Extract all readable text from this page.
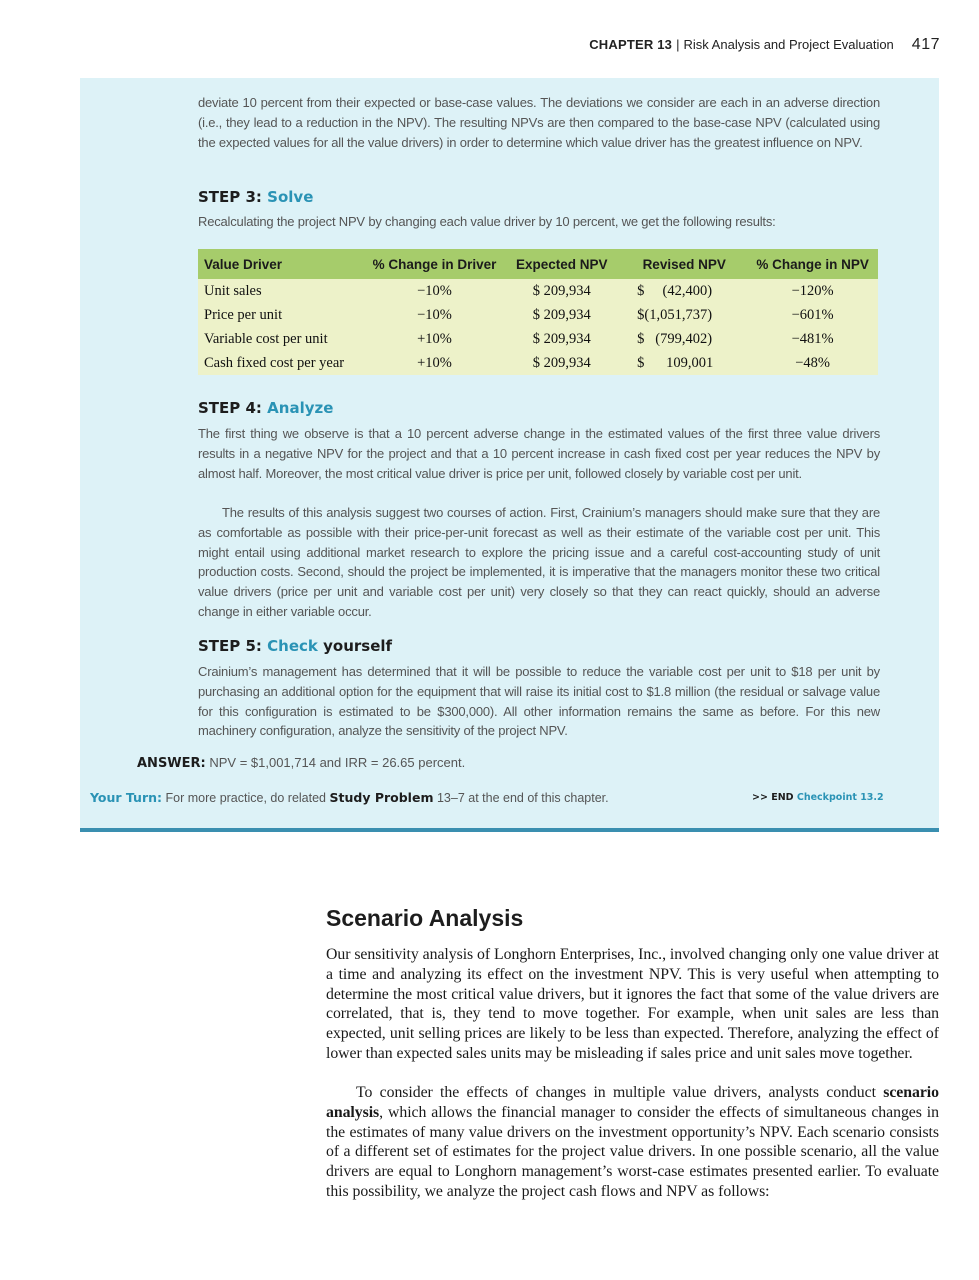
CHAPTER 13 | Risk Analysis and Project Evaluation 417

deviate 10 percent from their expected or base-case values. The deviations we consider are each in an adverse direction (i.e., they lead to a reduction in the NPV). The resulting NPVs are then compared to the base-case NPV (calculated using the expected values for all the value drivers) in order to determine which value driver has the greatest influence on NPV.

STEP 3: Solve

Recalculating the project NPV by changing each value driver by 10 percent, we get the following results:

Value Driver	% Change in Driver	Expected NPV	Revised NPV	% Change in NPV
Unit sales	−10%	$ 209,934	$     (42,400)	−120%
Price per unit	−10%	$ 209,934	$(1,051,737)	−601%
Variable cost per unit	+10%	$ 209,934	$   (799,402)	−481%
Cash fixed cost per year	+10%	$ 209,934	$      109,001	−48%

STEP 4: Analyze

The first thing we observe is that a 10 percent adverse change in the estimated values of the first three value drivers results in a negative NPV for the project and that a 10 percent increase in cash fixed cost per year reduces the NPV by almost half. Moreover, the most critical value driver is price per unit, followed closely by variable cost per unit.

The results of this analysis suggest two courses of action. First, Crainium’s managers should make sure that they are as comfortable as possible with their price-per-unit forecast as well as their estimate of the variable cost per unit. This might entail using additional market research to explore the pricing issue and a careful cost-accounting study of unit production costs. Second, should the project be implemented, it is imperative that the managers monitor these two critical value drivers (price per unit and variable cost per unit) very closely so that they can react quickly, should an adverse change in either variable occur.

STEP 5: Check yourself

Crainium’s management has determined that it will be possible to reduce the variable cost per unit to $18 per unit by purchasing an additional option for the equipment that will raise its initial cost to $1.8 million (the residual or salvage value for this configuration is estimated to be $300,000). All other information remains the same as before. For this new machinery configuration, analyze the sensitivity of the project NPV.

ANSWER: NPV = $1,001,714 and IRR = 26.65 percent.
Your Turn: For more practice, do related Study Problem 13–7 at the end of this chapter.	>> END Checkpoint 13.2
Scenario Analysis

Our sensitivity analysis of Longhorn Enterprises, Inc., involved changing only one value driver at a time and analyzing its effect on the investment NPV. This is very useful when attempting to determine the most critical value drivers, but it ignores the fact that some of the value drivers are correlated, that is, they tend to move together. For example, when unit sales are less than expected, unit selling prices are likely to be less than expected. Therefore, analyzing the effect of lower than expected sales units may be misleading if sales price and unit sales move together.

To consider the effects of changes in multiple value drivers, analysts conduct scenario analysis, which allows the financial manager to consider the effects of simultaneous changes in the estimates of many value drivers on the investment opportunity’s NPV. Each scenario consists of a different set of estimates for the project value drivers. In one possible scenario, all the value drivers are equal to Longhorn management’s worst-case estimates presented earlier. To evaluate this possibility, we analyze the project cash flows and NPV as follows:
